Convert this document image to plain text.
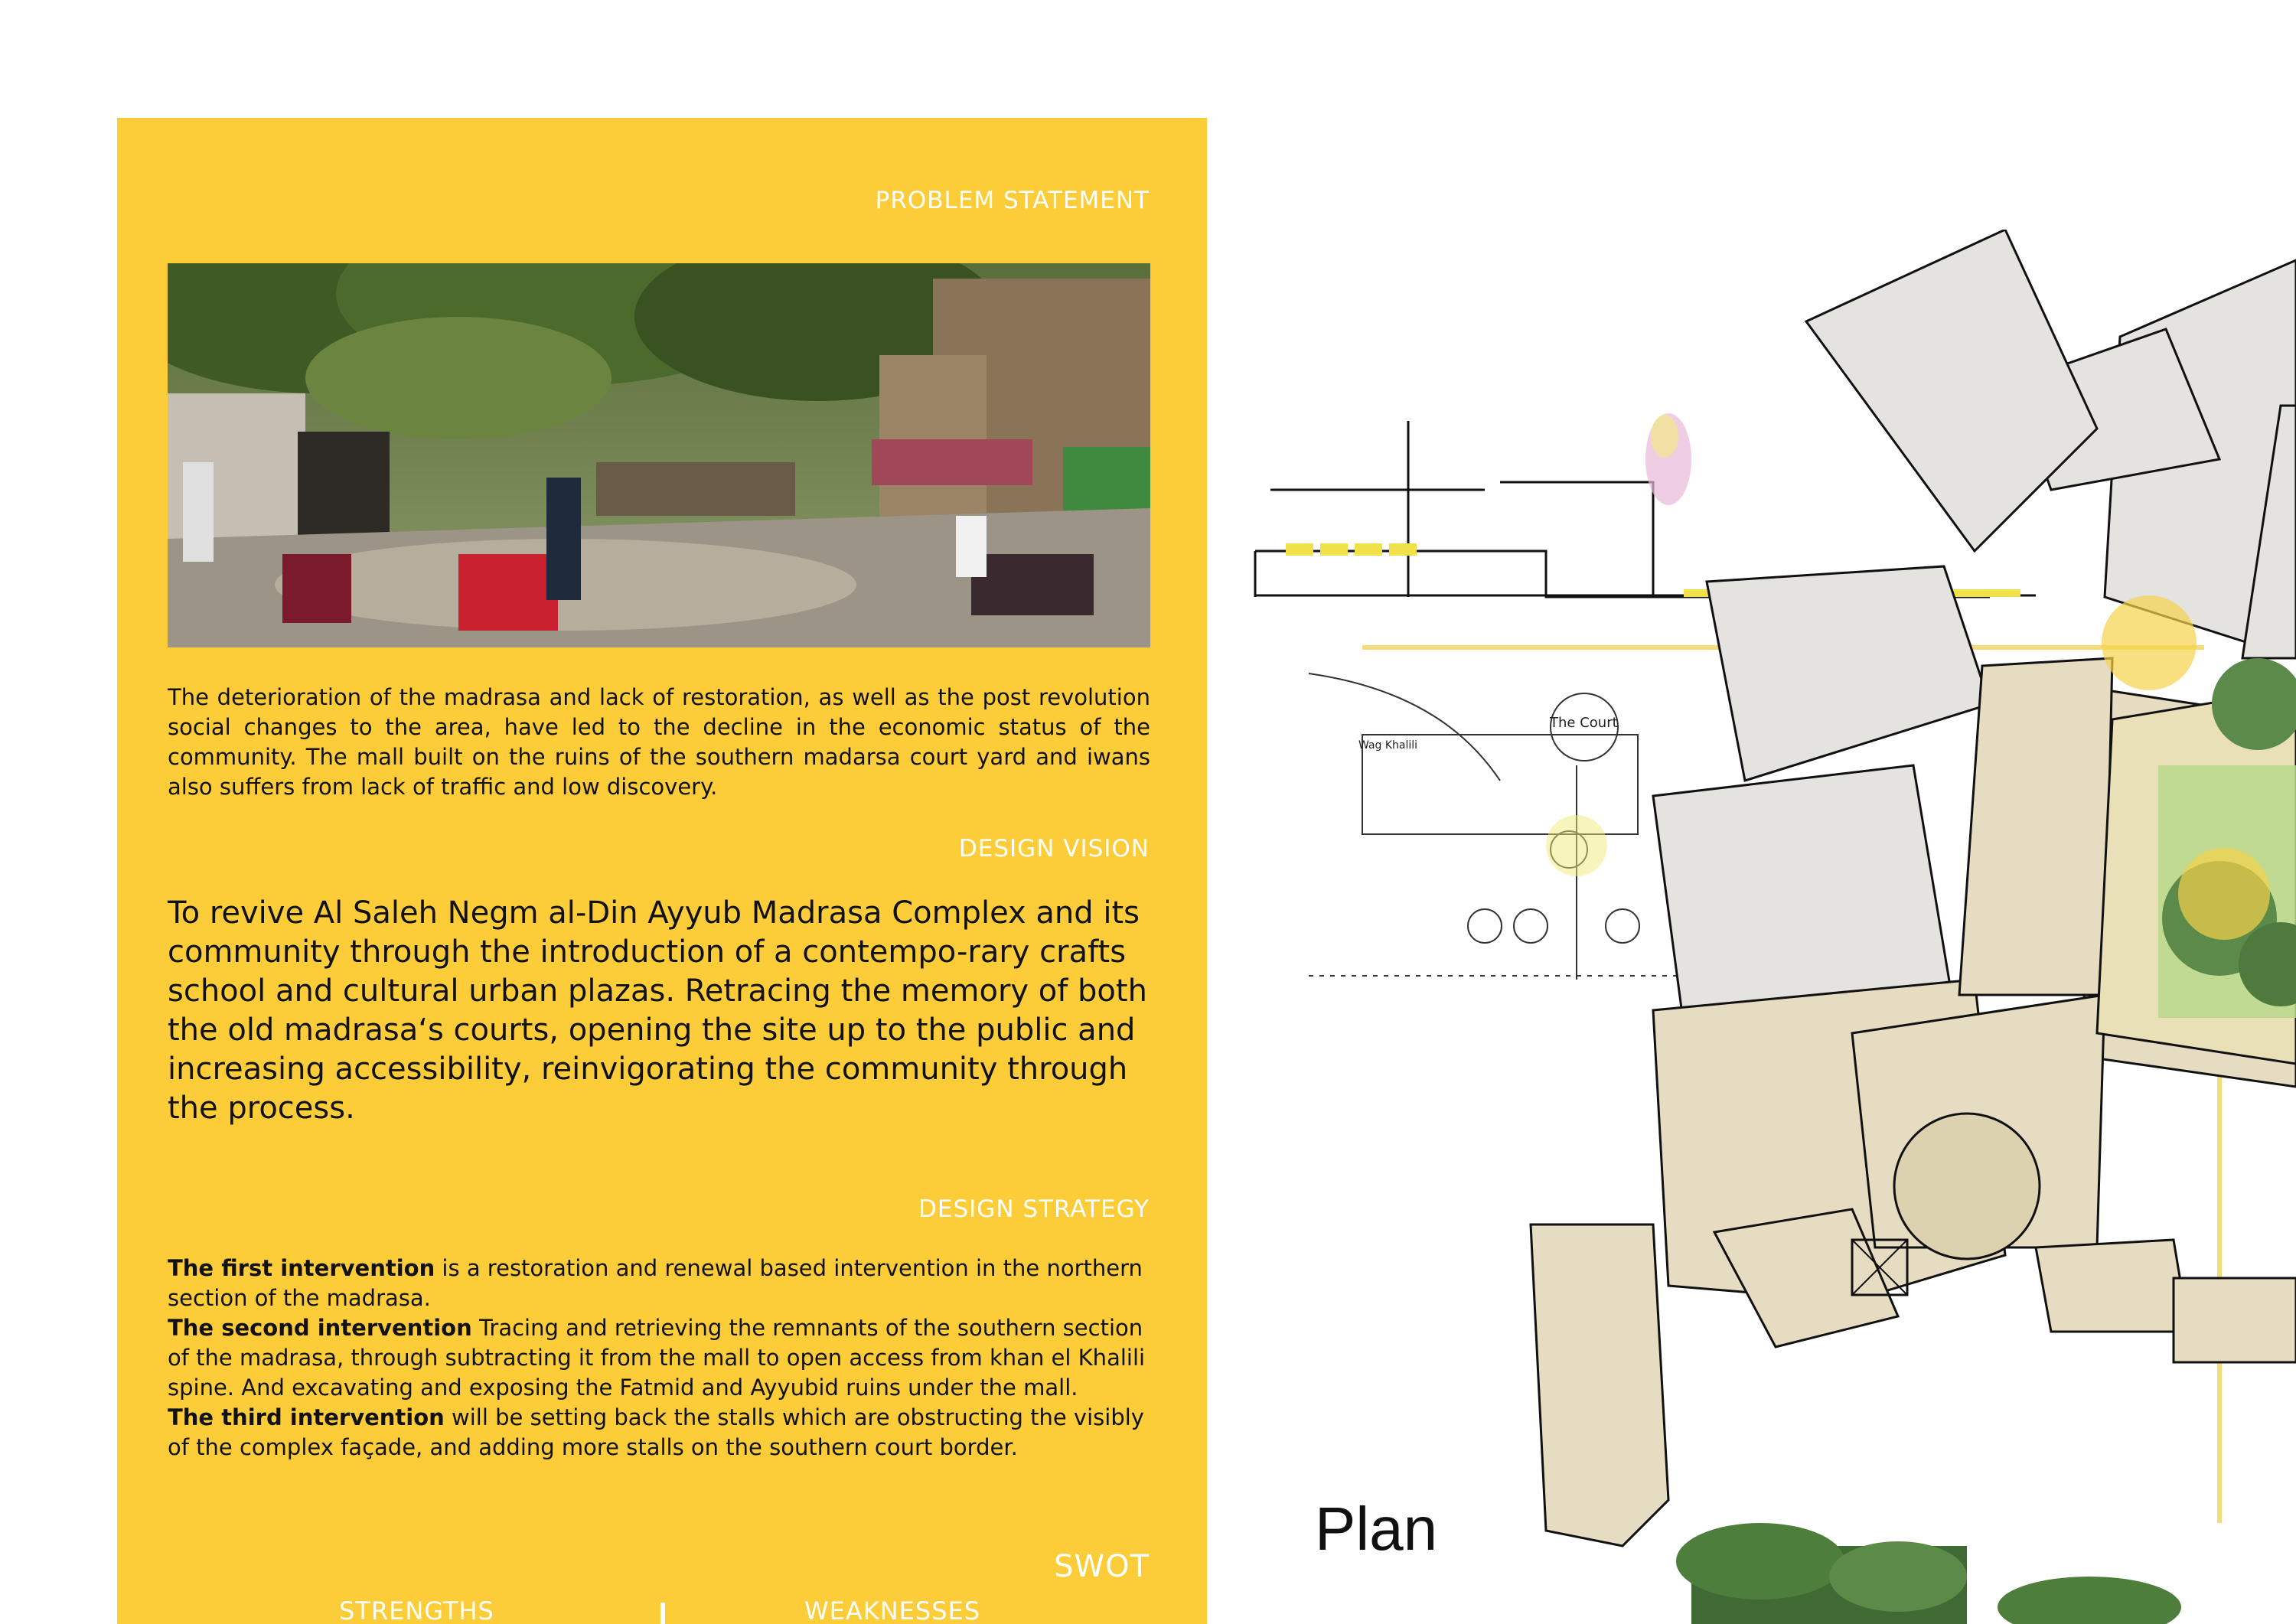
PROBLEM STATEMENT
The deterioration of the madrasa and lack of restoration, as well as the post revolution social changes to the area, have led to the decline in the economic status of the community. The mall built on the ruins of the southern madarsa court yard and iwans also suffers from lack of traffic and low discovery.
DESIGN VISION
To revive Al Saleh Negm al-Din Ayyub Madrasa Complex and its community through the introduction of a contempo-rary crafts school and cultural urban plazas. Retracing the memory of both the old madrasa‘s courts, opening the site up to the public and increasing accessibility, reinvigorating the community through the process.
DESIGN STRATEGY

The first intervention is a restoration and renewal based intervention in the northern section of the madrasa.

The second intervention Tracing and retrieving the remnants of the southern section of the madrasa, through subtracting it from the mall to open access from khan el Khalili spine. And excavating and exposing the Fatmid and Ayyubid ruins under the mall.

The third intervention will be setting back the stalls which are obstructing the visibly of the complex façade, and adding more stalls on the southern court border.

SWOT
STRENGTHS	WEAKNESSES
The Court
Wag Khalili
Plan
